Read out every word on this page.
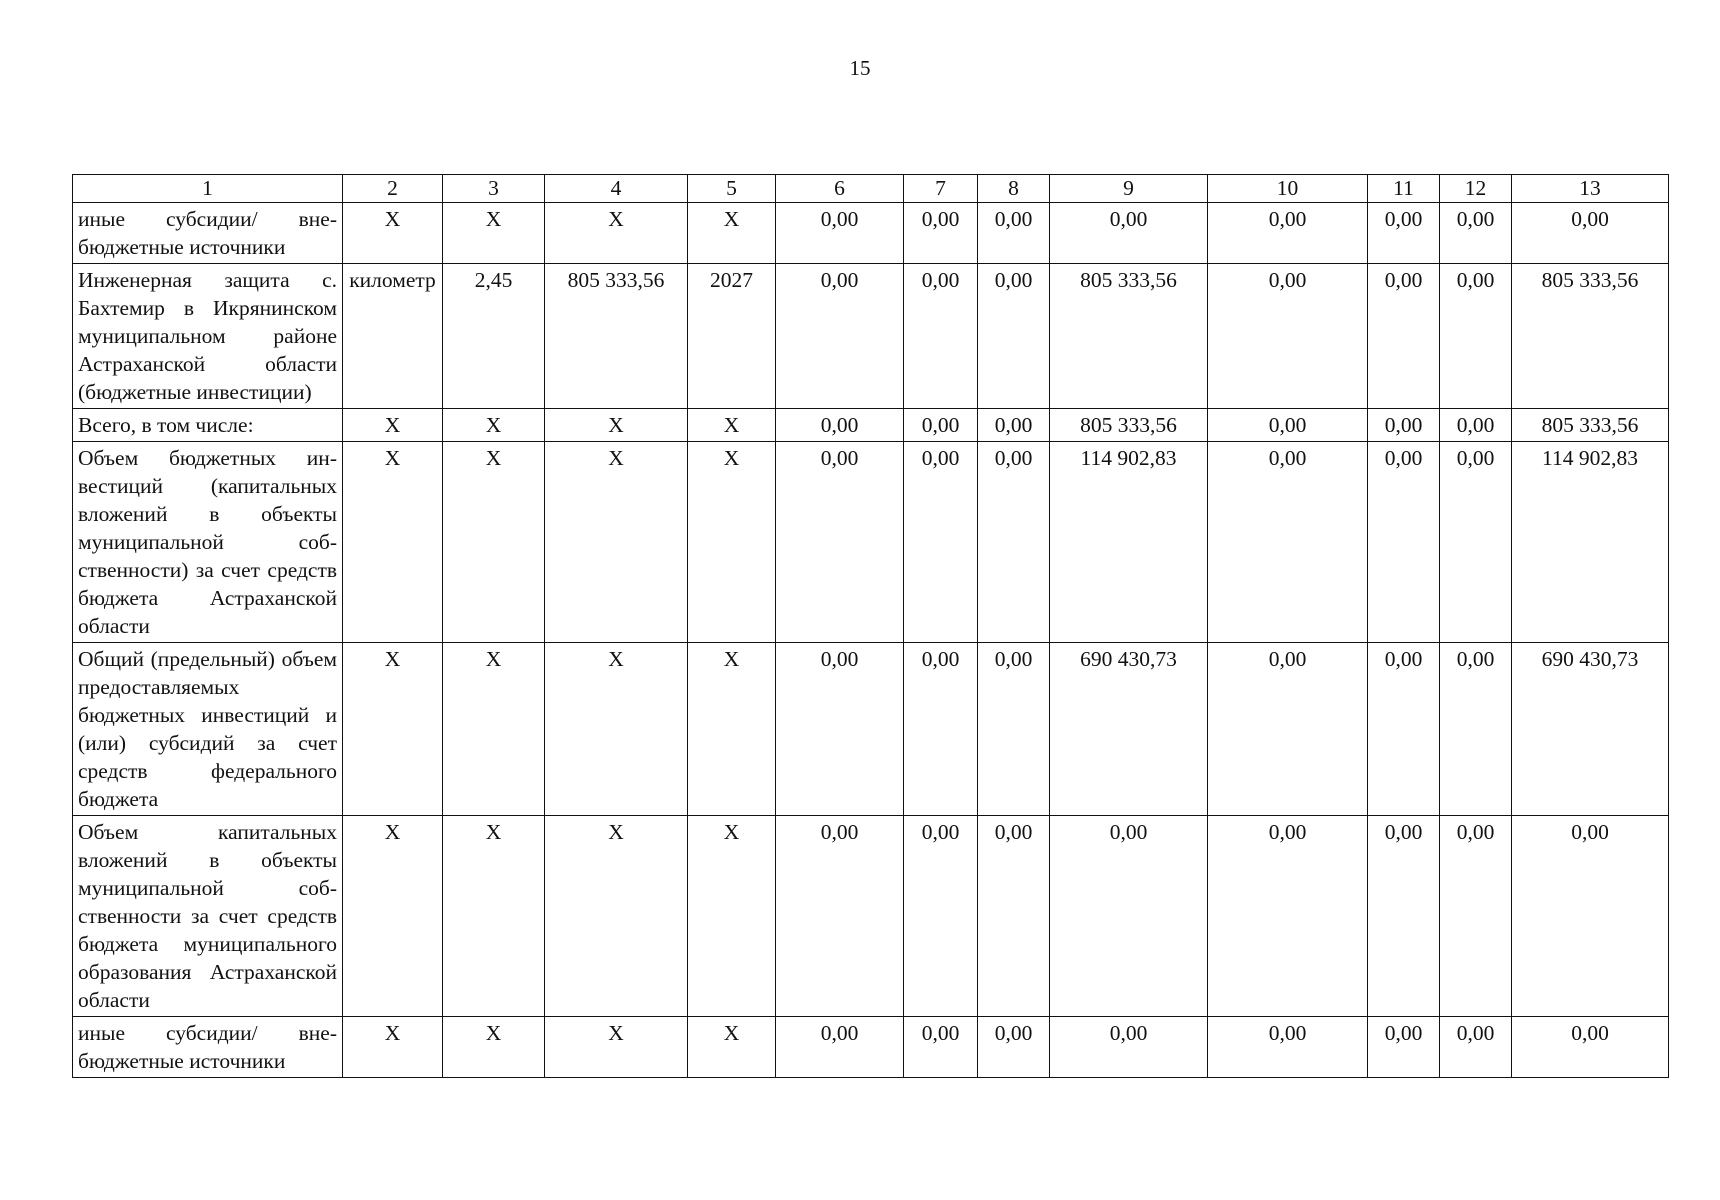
15
1	2	3	4	5	6	7	8	9	10	11	12	13
иные субсидии/ внебюджетные источники	Х	Х	Х	Х	0,00	0,00	0,00	0,00	0,00	0,00	0,00	0,00
Инженерная защита с. Бахтемир в Икрянинском муниципальном районе Астраханской области (бюджетные инвестиции)	километр	2,45	805 333,56	2027	0,00	0,00	0,00	805 333,56	0,00	0,00	0,00	805 333,56
Всего, в том числе:	Х	Х	Х	Х	0,00	0,00	0,00	805 333,56	0,00	0,00	0,00	805 333,56
Объем бюджетных инвестиций (капитальных вложений в объекты муниципальной собственности) за счет средств бюджета Астраханской области	Х	Х	Х	Х	0,00	0,00	0,00	114 902,83	0,00	0,00	0,00	114 902,83
Общий (предельный) объем предоставляемых бюджетных инвестиций и (или) субсидий за счет средств федерального бюджета	Х	Х	Х	Х	0,00	0,00	0,00	690 430,73	0,00	0,00	0,00	690 430,73
Объем капитальных вложений в объекты муниципальной собственности за счет средств бюджета муниципального образования Астраханской области	Х	Х	Х	Х	0,00	0,00	0,00	0,00	0,00	0,00	0,00	0,00
иные субсидии/ внебюджетные источники	Х	Х	Х	Х	0,00	0,00	0,00	0,00	0,00	0,00	0,00	0,00
